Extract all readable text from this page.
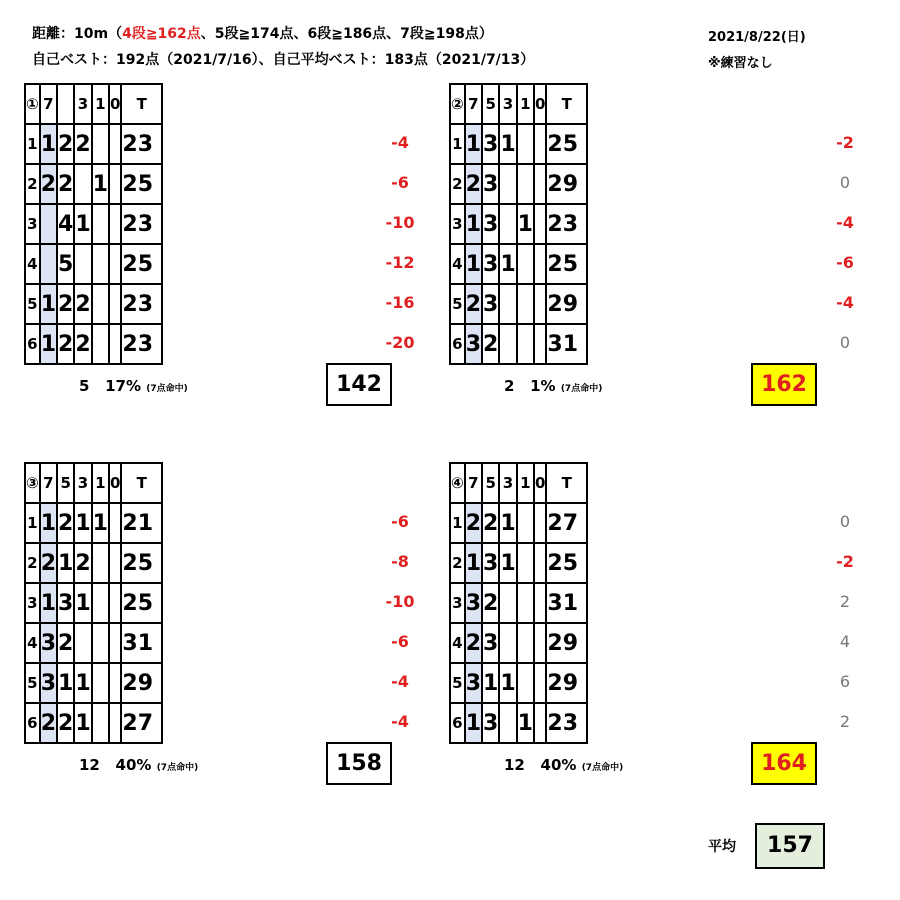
距離：10m（4段≧162点、5段≧174点、6段≧186点、7段≧198点）
自己ベスト：192点（2021/7/16）、自己平均ベスト：183点（2021/7/13）
2021/8/22(日)
※練習なし
-4
-6
-10
-12
-16
-20
①	7		3	1	0	T
1	1	2	2			23
2	2	2		1		25
3		4	1			23
4		5				25
5	1	2	2			23
6	1	2	2			23
5 17% (7点命中)	142
-2
0
-4
-6
-4
0
②	7	5	3	1	0	T
1	1	3	1			25
2	2	3				29
3	1	3		1		23
4	1	3	1			25
5	2	3				29
6	3	2				31
2 1% (7点命中)	162
-6
-8
-10
-6
-4
-4
③	7	5	3	1	0	T
1	1	2	1	1		21
2	2	1	2			25
3	1	3	1			25
4	3	2				31
5	3	1	1			29
6	2	2	1			27
12 40% (7点命中)	158
0
-2
2
4
6
2
④	7	5	3	1	0	T
1	2	2	1			27
2	1	3	1			25
3	3	2				31
4	2	3				29
5	3	1	1			29
6	1	3		1		23
12 40% (7点命中)	164
平均	157
